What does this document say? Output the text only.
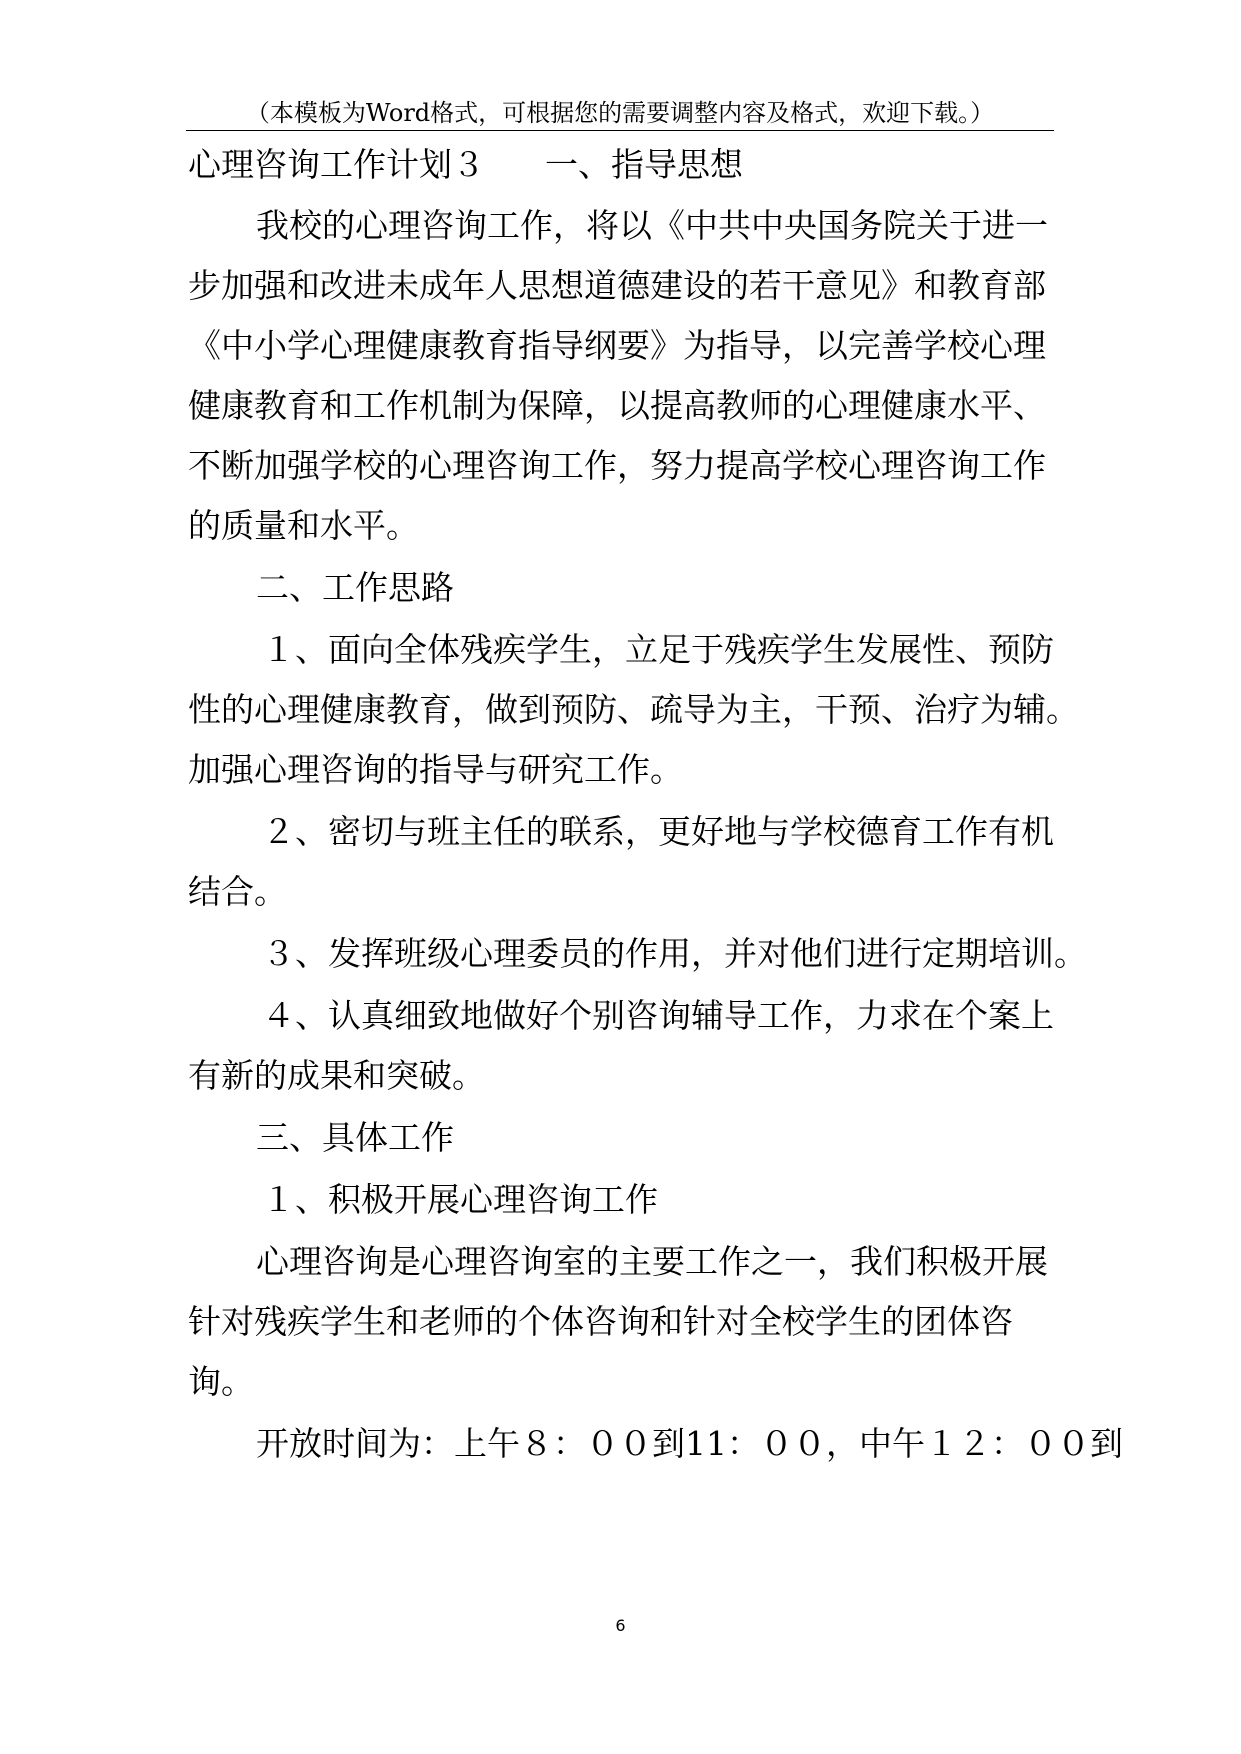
（本模板为Word格式，可根据您的需要调整内容及格式，欢迎下载。）
心理咨询工作计划３ 一、指导思想
我校的心理咨询工作，将以《中共中央国务院关于进一
步加强和改进未成年人思想道德建设的若干意见》和教育部
《中小学心理健康教育指导纲要》为指导，以完善学校心理
健康教育和工作机制为保障，以提高教师的心理健康水平、
不断加强学校的心理咨询工作，努力提高学校心理咨询工作
的质量和水平。
二、工作思路
１、面向全体残疾学生，立足于残疾学生发展性、预防
性的心理健康教育，做到预防、疏导为主，干预、治疗为辅。
加强心理咨询的指导与研究工作。
２、密切与班主任的联系，更好地与学校德育工作有机
结合。
３、发挥班级心理委员的作用，并对他们进行定期培训。
４、认真细致地做好个别咨询辅导工作，力求在个案上
有新的成果和突破。
三、具体工作
１、积极开展心理咨询工作
心理咨询是心理咨询室的主要工作之一，我们积极开展
针对残疾学生和老师的个体咨询和针对全校学生的团体咨
询。
开放时间为：上午８：００到11：００，中午１２：００到
6
